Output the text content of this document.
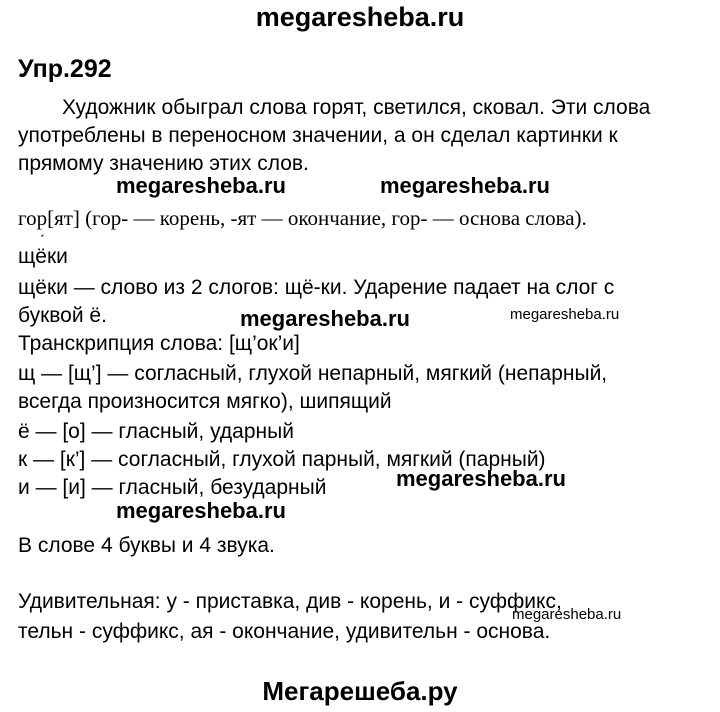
megaresheba.ru
Упр.292
Художник обыграл слова горят, светился, сковал. Эти слова
употреблены в переносном значении, а он сделал картинки к
прямому значению этих слов.
megaresheba.ru	megaresheba.ru
гор[ят] (гор- — корень, -ят — окончание, гор- — основа слова).
щёки
щёки — слово из 2 слогов: щё-ки. Ударение падает на слог с
буквой ё.	megaresheba.ru	megaresheba.ru
Транскрипция слова: [щ’ок’и]
щ — [щ’] — согласный, глухой непарный, мягкий (непарный,
всегда произносится мягко), шипящий
ё — [о] — гласный, ударный
к — [к’] — согласный, глухой парный, мягкий (парный)
и — [и] — гласный, безударный	megaresheba.ru
megaresheba.ru
В слове 4 буквы и 4 звука.
Удивительная: у - приставка, див - корень, и - суффикс,
megaresheba.ru
тельн - суффикс, ая - окончание, удивительн - основа.
Мегарешеба.ру
